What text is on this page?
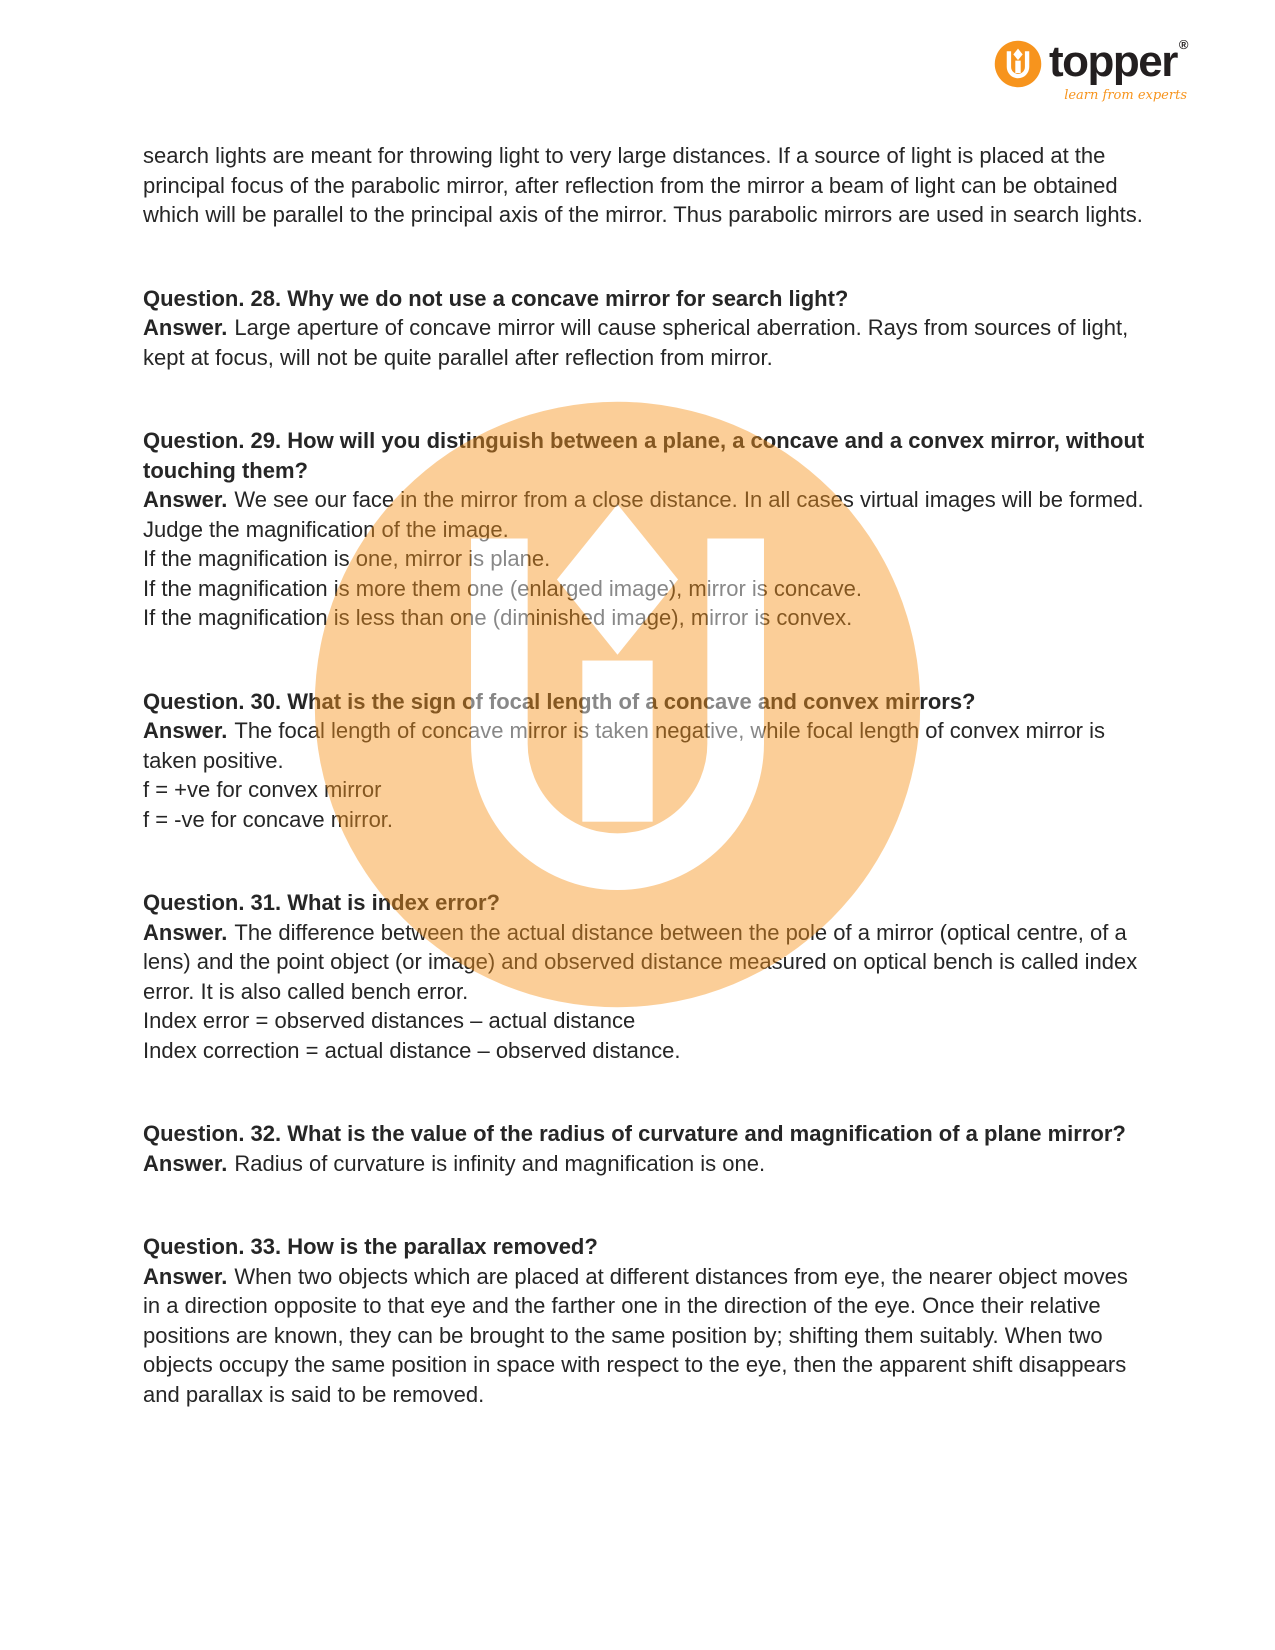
topper ®
learn from experts

search lights are meant for throwing light to very large distances. If a source of light is placed at the principal focus of the parabolic mirror, after reflection from the mirror a beam of light can be obtained which will be parallel to the principal axis of the mirror. Thus parabolic mirrors are used in search lights.

Question. 28. Why we do not use a concave mirror for search light?

Answer. Large aperture of concave mirror will cause spherical aberration. Rays from sources of light, kept at focus, will not be quite parallel after reflection from mirror.

Question. 29. How will you distinguish between a plane, a concave and a convex mirror, without touching them?

Answer. We see our face in the mirror from a close distance. In all cases virtual images will be formed. Judge the magnification of the image.

If the magnification is one, mirror is plane.

If the magnification is more them one (enlarged image), mirror is concave.

If the magnification is less than one (diminished image), mirror is convex.

Question. 30. What is the sign of focal length of a concave and convex mirrors?

Answer. The focal length of concave mirror is taken negative, while focal length of convex mirror is taken positive.

f = +ve for convex mirror

f = -ve for concave mirror.

Question. 31. What is index error?

Answer. The difference between the actual distance between the pole of a mirror (optical centre, of a lens) and the point object (or image) and observed distance measured on optical bench is called index error. It is also called bench error.

Index error = observed distances – actual distance

Index correction = actual distance – observed distance.

Question. 32. What is the value of the radius of curvature and magnification of a plane mirror?

Answer. Radius of curvature is infinity and magnification is one.

Question. 33. How is the parallax removed?

Answer. When two objects which are placed at different distances from eye, the nearer object moves in a direction opposite to that eye and the farther one in the direction of the eye. Once their relative positions are known, they can be brought to the same position by; shifting them suitably. When two objects occupy the same position in space with respect to the eye, then the apparent shift disappears and parallax is said to be removed.
